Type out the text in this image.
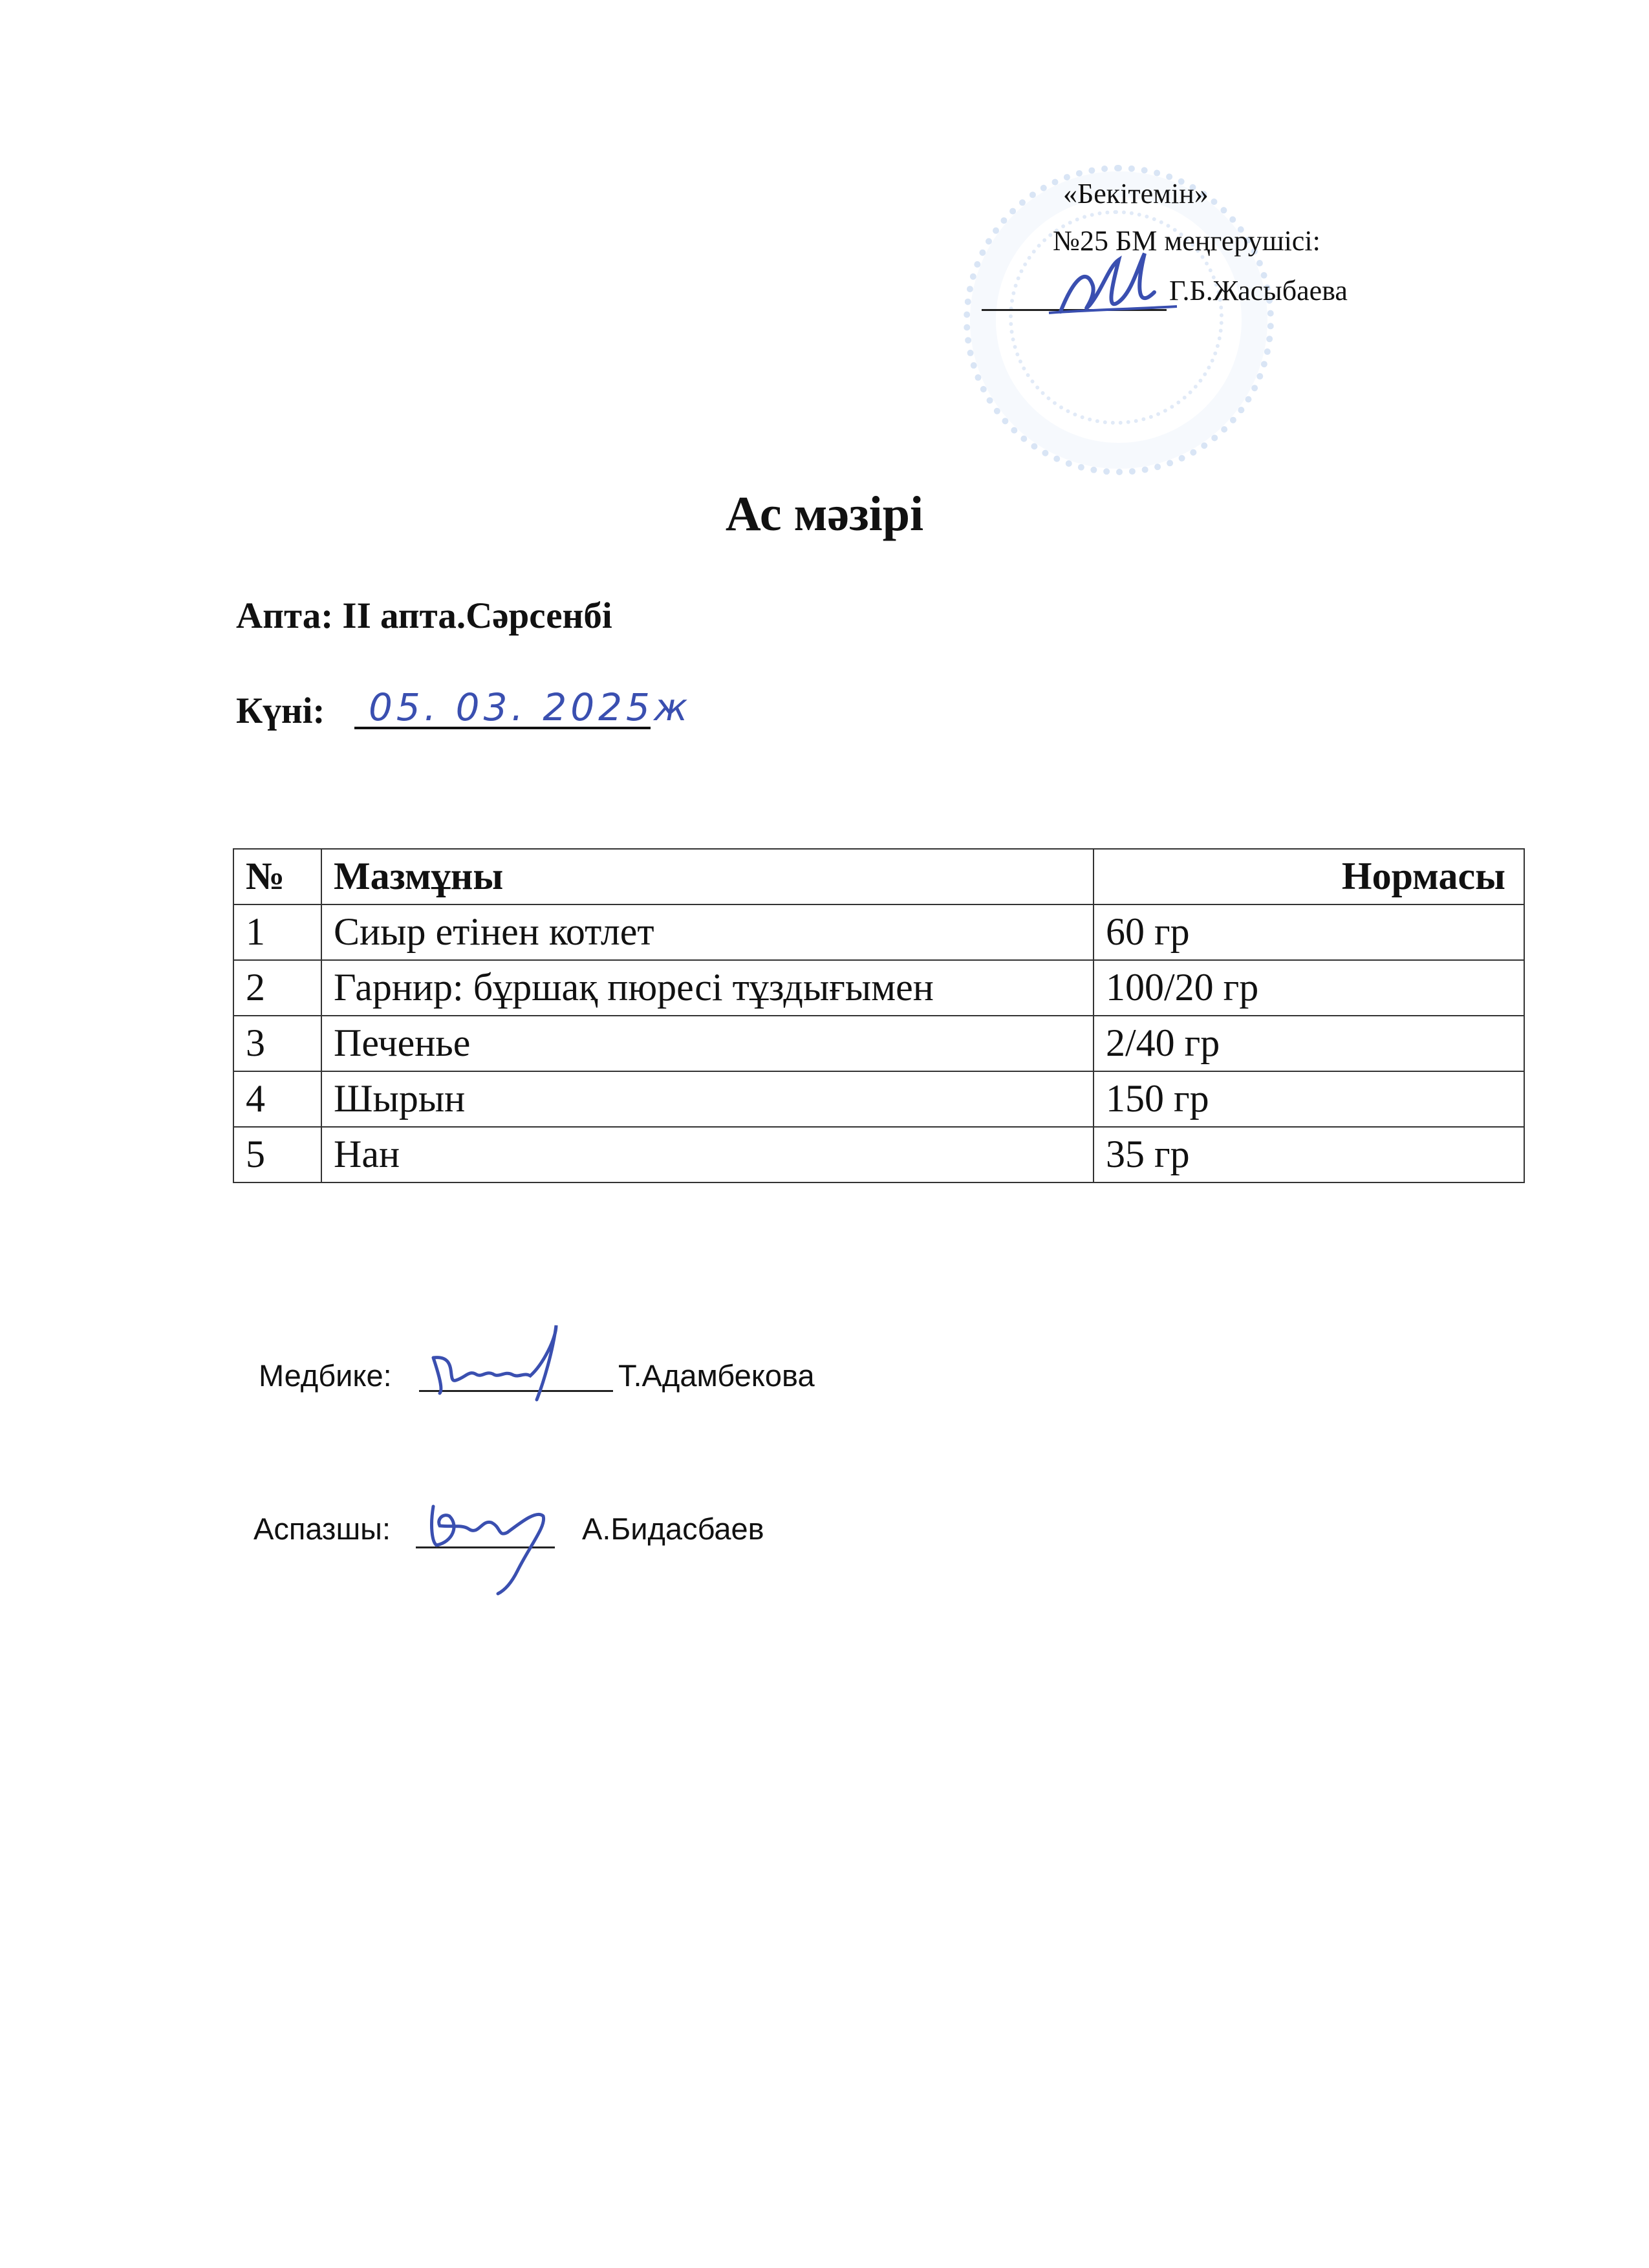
«Бекітемін»
№25 БМ меңгерушісі:
Г.Б.Жасыбаева
Ас мәзірі
Апта: II апта.Сәрсенбі
Күні: 05. 03. 2025ж
№	Мазмұны	Нормасы
1	Сиыр етінен котлет	60 гр
2	Гарнир: бұршақ пюресі тұздығымен	100/20 гр
3	Печенье	2/40 гр
4	Шырын	150 гр
5	Нан	35 гр
Медбике:	Т.Адамбекова
Аспазшы:	А.Бидасбаев
